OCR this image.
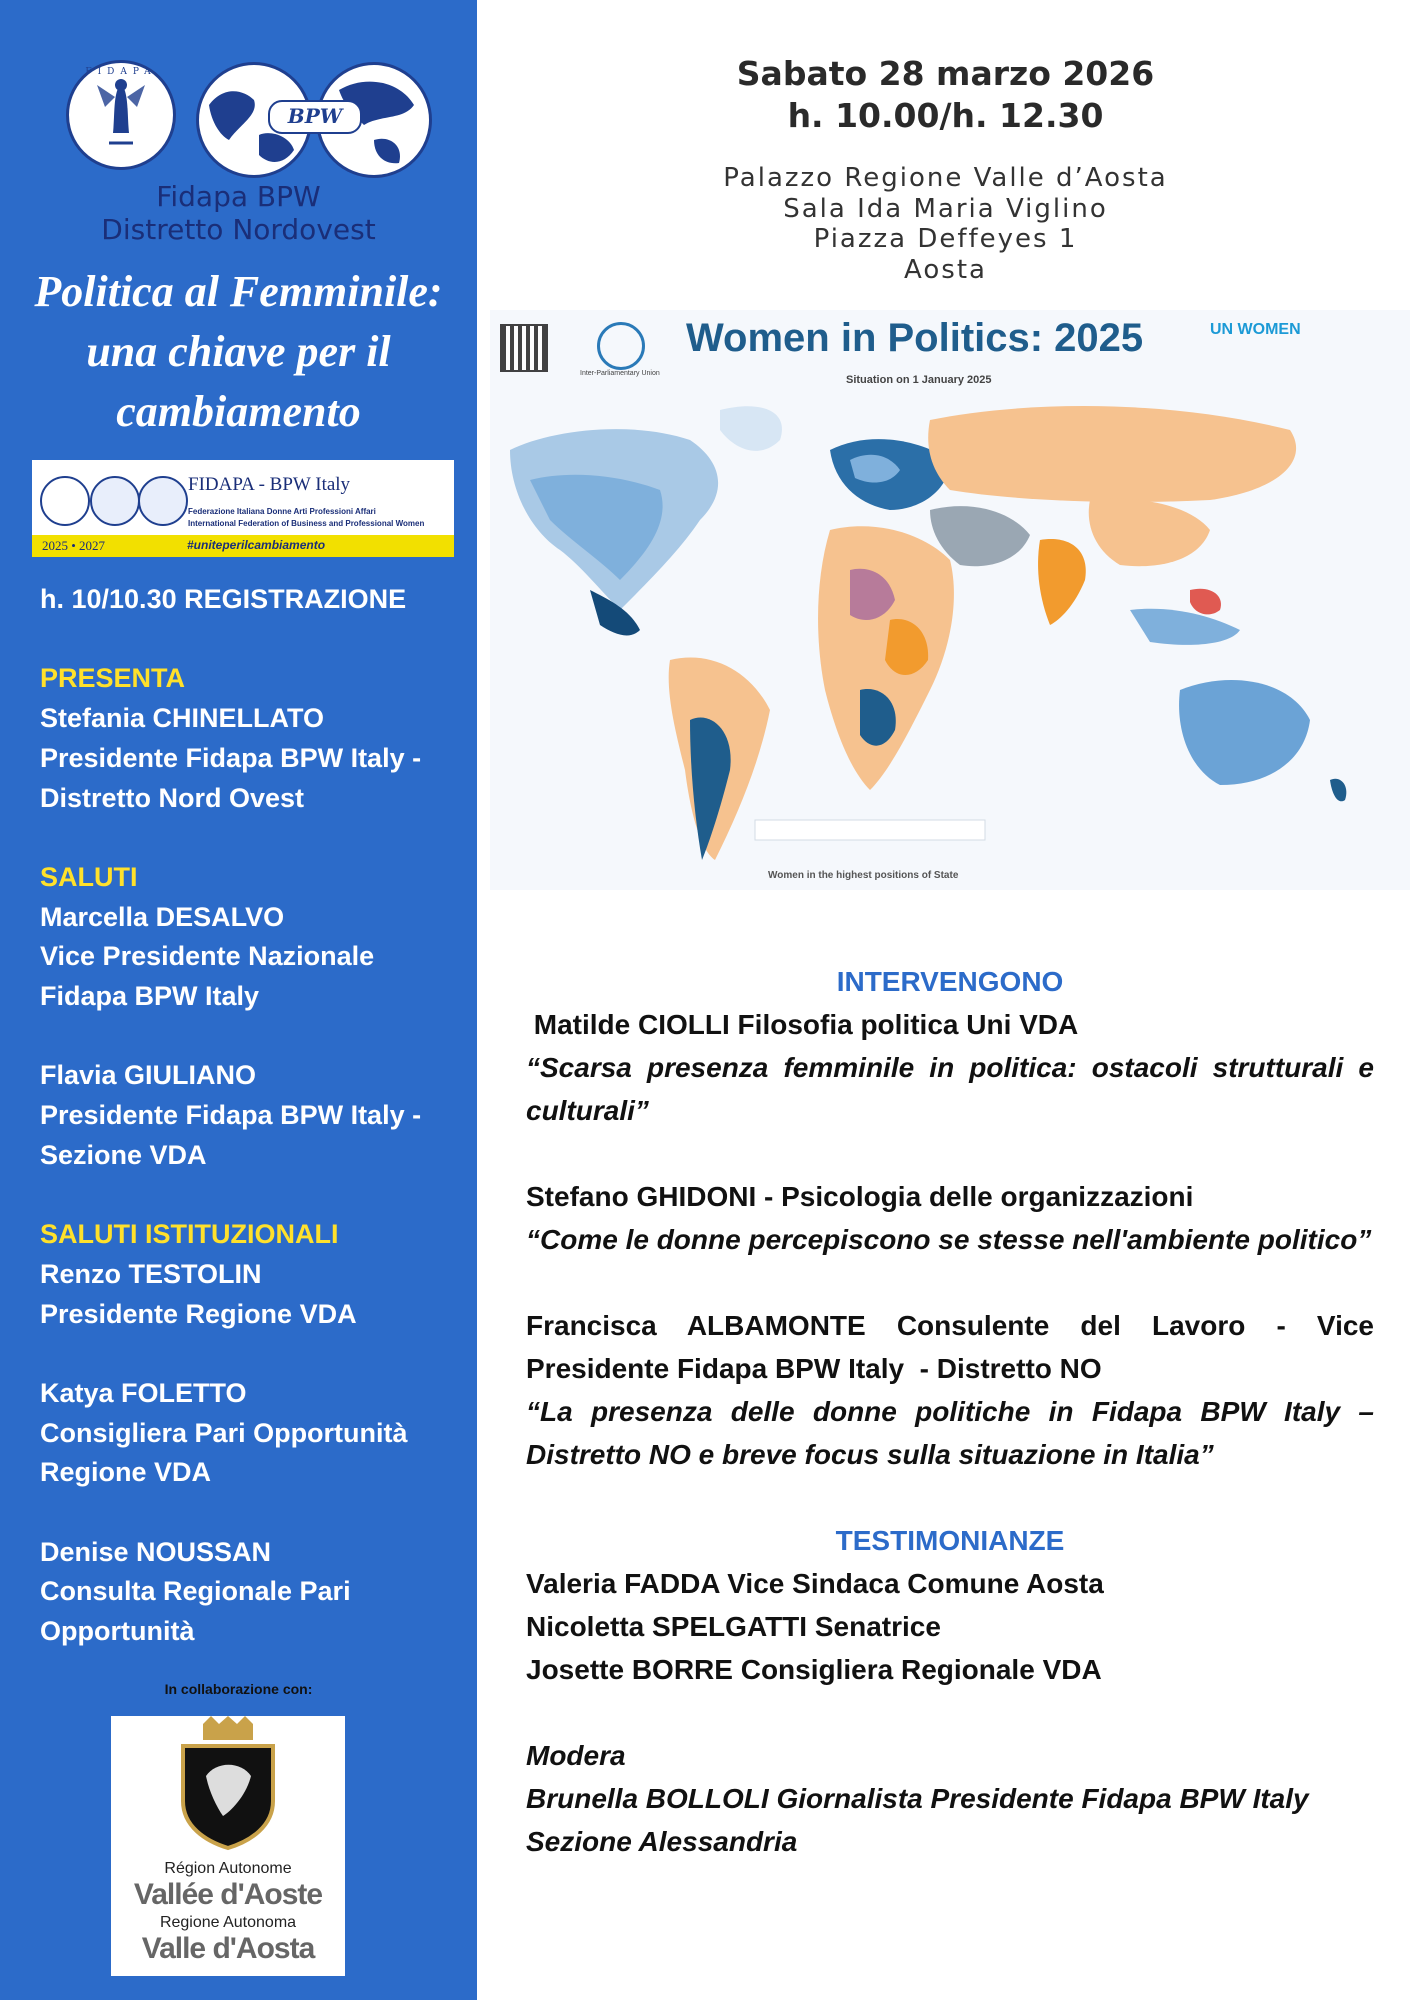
FIDAPA
BPW
Fidapa BPW
Distretto Nordovest
Politica al Femminile:
una chiave per il
cambiamento
FIDAPA - BPW Italy
Federazione Italiana Donne Arti Professioni Affari
International Federation of Business and Professional Women
2025 • 2027	#uniteperilcambiamento
h. 10/10.30 REGISTRAZIONE
PRESENTA
Stefania CHINELLATO
Presidente Fidapa BPW Italy -
Distretto Nord Ovest
SALUTI
Marcella DESALVO
Vice Presidente Nazionale
Fidapa BPW Italy
Flavia GIULIANO
Presidente Fidapa BPW Italy -
Sezione VDA
SALUTI ISTITUZIONALI
Renzo TESTOLIN
Presidente Regione VDA
Katya FOLETTO
Consigliera Pari Opportunità
Regione VDA
Denise NOUSSAN
Consulta Regionale Pari
Opportunità
In collaborazione con:
Région Autonome
Vallée d'Aoste
Regione Autonoma
Valle d'Aosta
Sabato 28 marzo 2026
h. 10.00/h. 12.30
Palazzo Regione Valle d’Aosta
Sala Ida Maria Viglino
Piazza Deffeyes 1
Aosta
Inter-Parliamentary Union
Women in Politics: 2025
Situation on 1 January 2025
UN WOMEN
Women in the highest positions of State

INTERVENGONO

Matilde CIOLLI Filosofia politica Uni VDA

“Scarsa presenza femminile in politica: ostacoli strutturali e culturali”

Stefano GHIDONI - Psicologia delle organizzazioni

“Come le donne percepiscono se stesse nell'ambiente politico”

Francisca ALBAMONTE Consulente del Lavoro - Vice Presidente Fidapa BPW Italy  - Distretto NO

“La presenza delle donne politiche in Fidapa BPW Italy – Distretto NO e breve focus sulla situazione in Italia”

TESTIMONIANZE

Valeria FADDA Vice Sindaca Comune Aosta

Nicoletta SPELGATTI Senatrice

Josette BORRE Consigliera Regionale VDA

Modera

Brunella BOLLOLI Giornalista Presidente Fidapa BPW Italy

Sezione Alessandria
